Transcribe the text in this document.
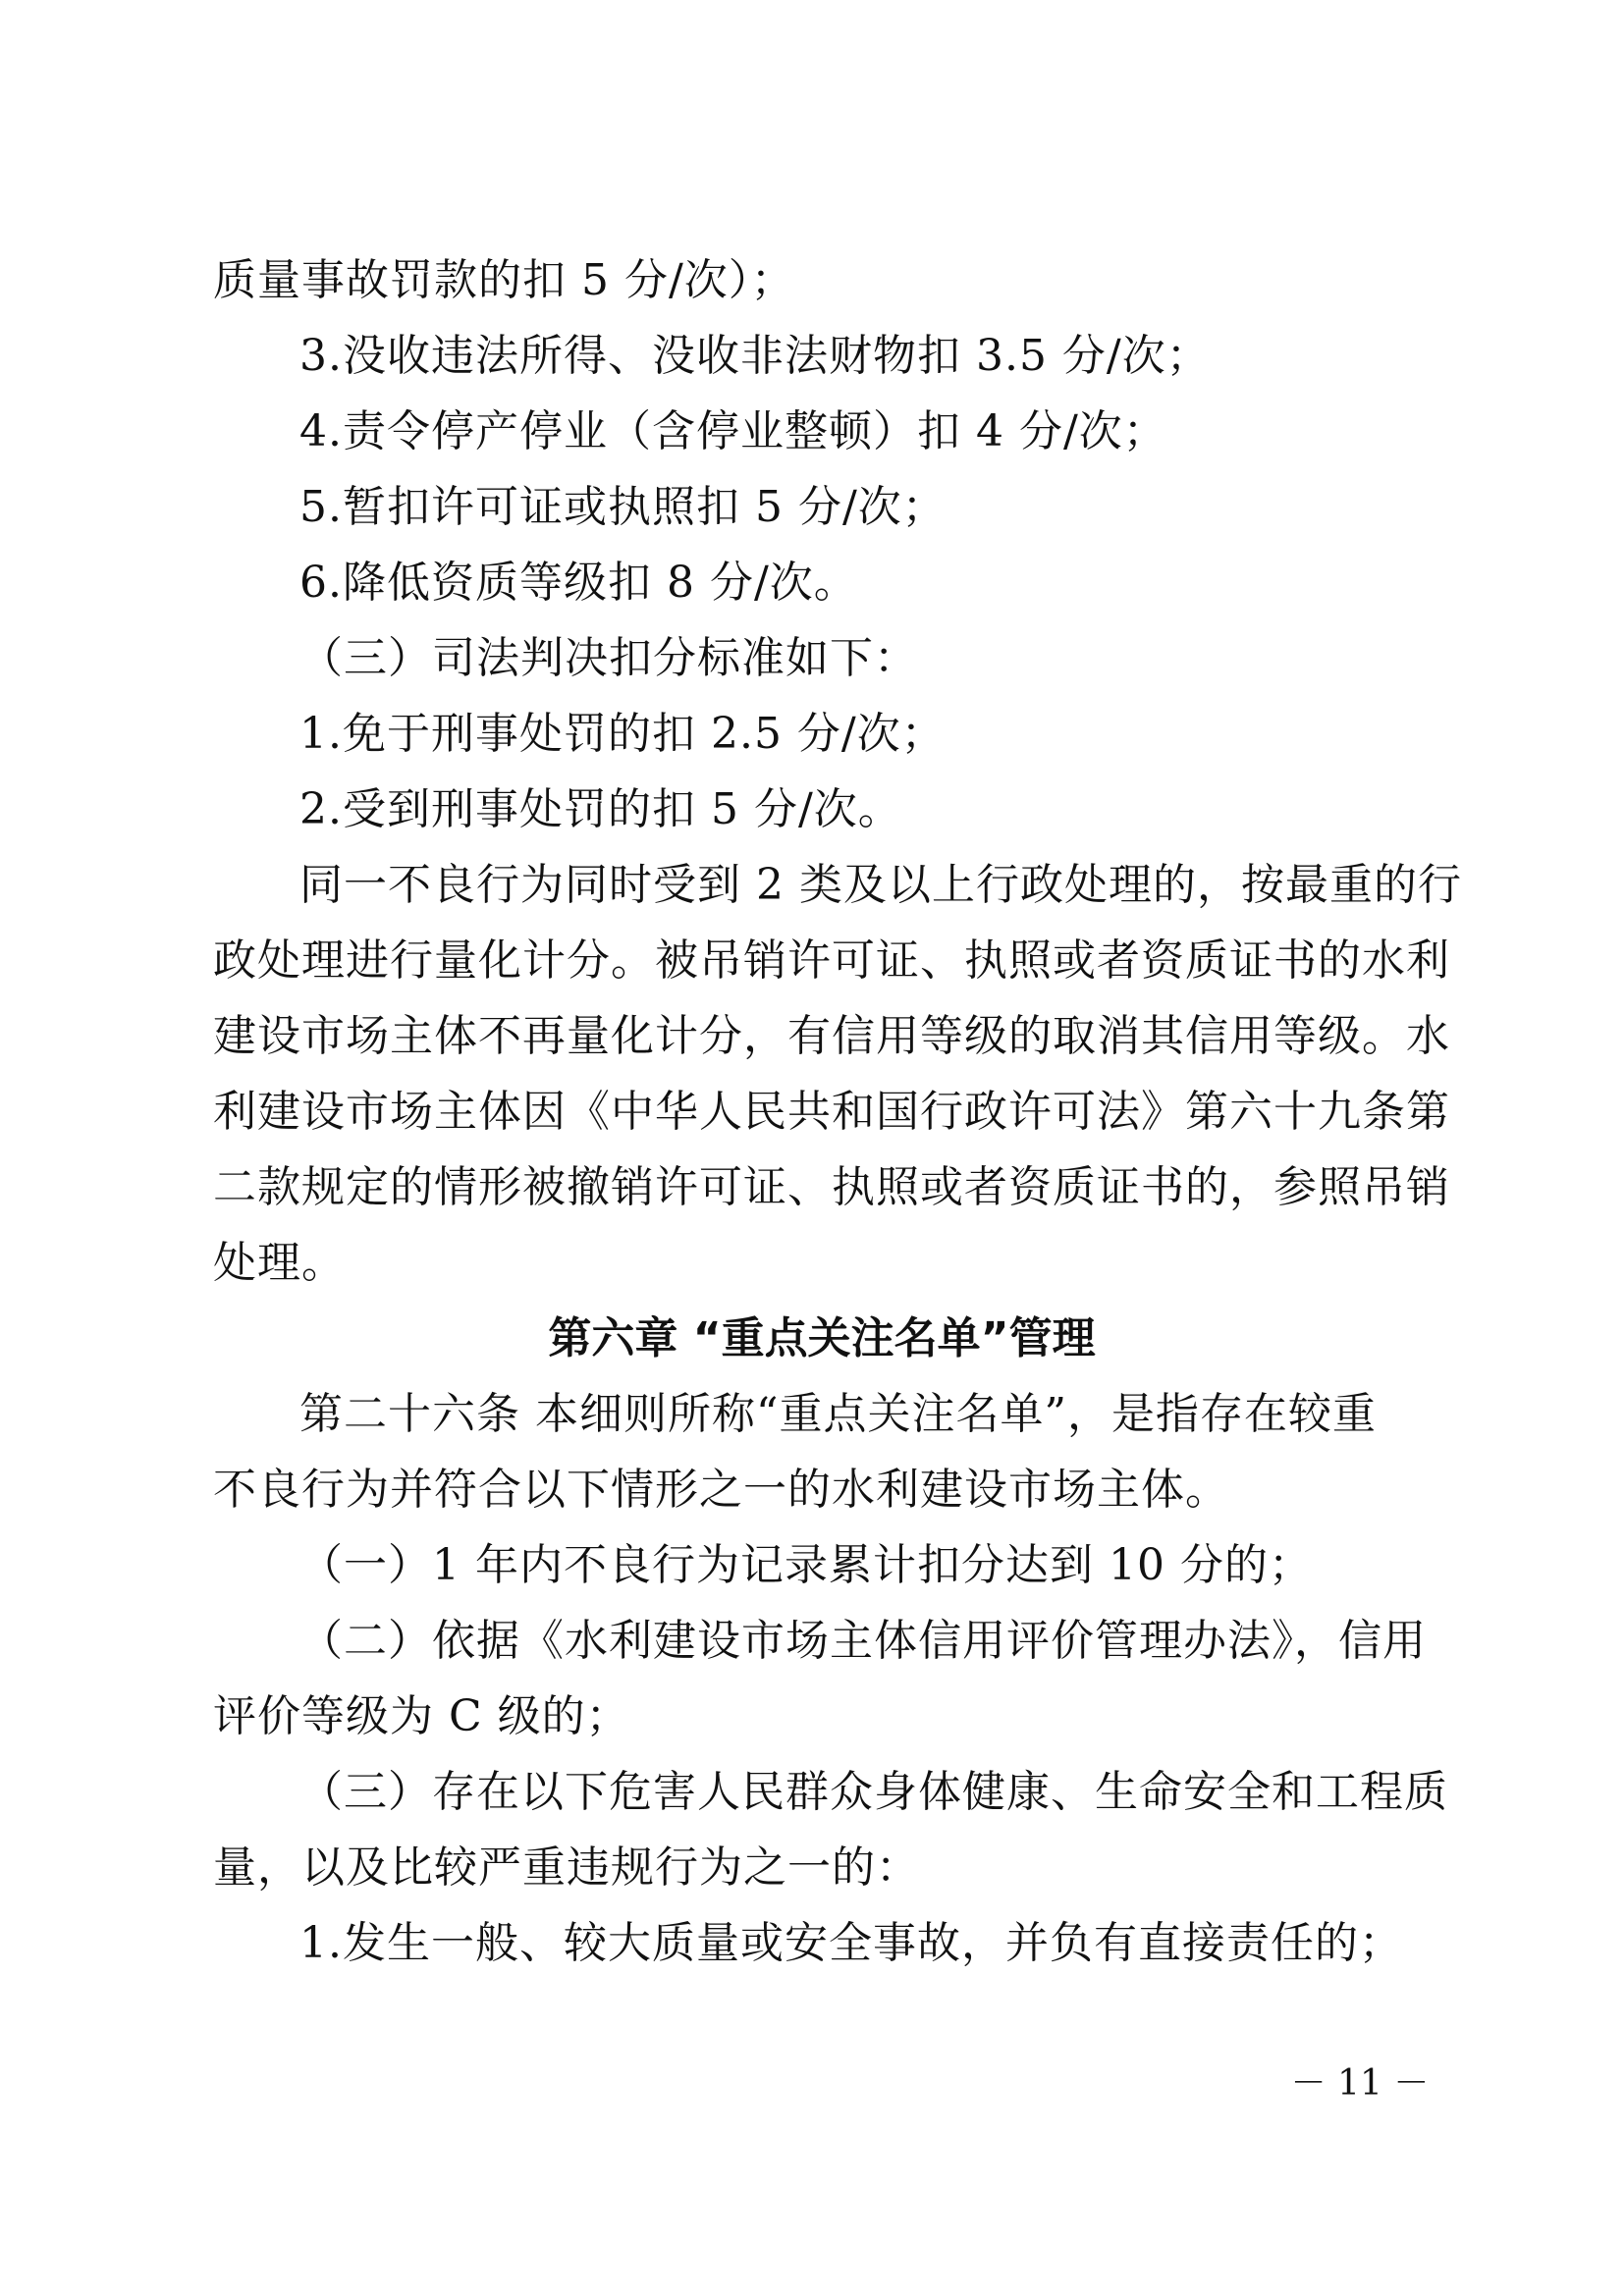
质量事故罚款的扣 5 分/次）；
3.没收违法所得、没收非法财物扣 3.5 分/次；
4.责令停产停业（含停业整顿）扣 4 分/次；
5.暂扣许可证或执照扣 5 分/次；
6.降低资质等级扣 8 分/次。
（三）司法判决扣分标准如下：
1.免于刑事处罚的扣 2.5 分/次；
2.受到刑事处罚的扣 5 分/次。
同一不良行为同时受到 2 类及以上行政处理的，按最重的行
政处理进行量化计分。被吊销许可证、执照或者资质证书的水利
建设市场主体不再量化计分，有信用等级的取消其信用等级。水
利建设市场主体因《中华人民共和国行政许可法》第六十九条第
二款规定的情形被撤销许可证、执照或者资质证书的，参照吊销
处理。
第六章 “重点关注名单”管理
第二十六条 本细则所称“重点关注名单”，是指存在较重
不良行为并符合以下情形之一的水利建设市场主体。
（一）1 年内不良行为记录累计扣分达到 10 分的；
（二）依据《水利建设市场主体信用评价管理办法》，信用
评价等级为 C 级的；
（三）存在以下危害人民群众身体健康、生命安全和工程质
量，以及比较严重违规行为之一的：
1.发生一般、较大质量或安全事故，并负有直接责任的；
－ 11 －
